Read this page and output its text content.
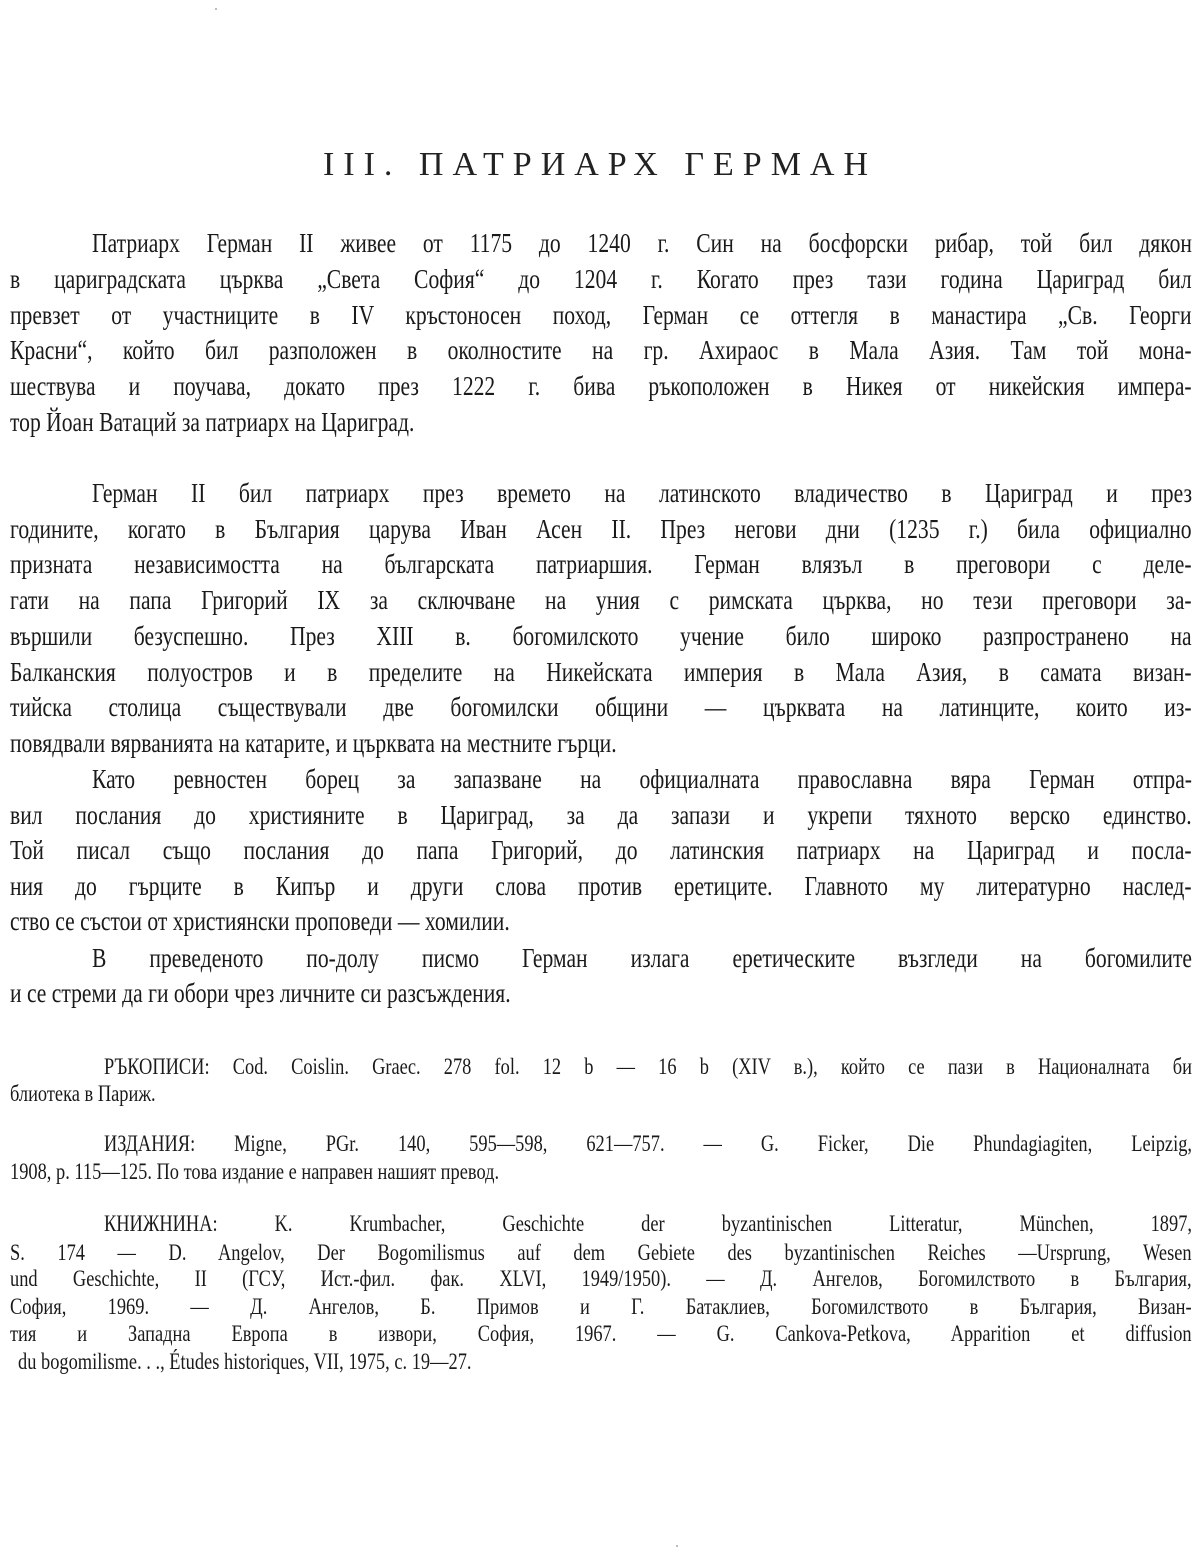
III. ПАТРИАРХ ГЕРМАН
Патриарх Герман II живее от 1175 до 1240 г. Син на босфорски рибар, той бил дякон
в цариградската църква „Света София“ до 1204 г. Когато през тази година Цариград бил
превзет от участниците в IV кръстоносен поход, Герман се оттегля в манастира „Св. Георги
Красни“, който бил разположен в околностите на гр. Ахираос в Мала Азия. Там той мона-
шествува и поучава, докато през 1222 г. бива ръкоположен в Никея от никейския импера-
тор Йоан Ватаций за патриарх на Цариград.
Герман II бил патриарх през времето на латинското владичество в Цариград и през
годините, когато в България царува Иван Асен II. През негови дни (1235 г.) била официално
призната независимостта на българската патриаршия. Герман влязъл в преговори с деле-
гати на папа Григорий IX за сключване на уния с римската църква, но тези преговори за-
вършили безуспешно. През XIII в. богомилското учение било широко разпространено на
Балканския полуостров и в пределите на Никейската империя в Мала Азия, в самата визан-
тийска столица съществували две богомилски общини — църквата на латинците, които из-
повядвали вярванията на катарите, и църквата на местните гърци.
Като ревностен борец за запазване на официалната православна вяра Герман отпра-
вил послания до християните в Цариград, за да запази и укрепи тяхното верско единство.
Той писал също послания до папа Григорий, до латинския патриарх на Цариград и посла-
ния до гърците в Кипър и други слова против еретиците. Главното му литературно наслед-
ство се състои от християнски проповеди — хомилии.
В преведеното по-долу писмо Герман излага еретическите възгледи на богомилите
и се стреми да ги обори чрез личните си разсъждения.
РЪКОПИСИ: Cod. Coislin. Graec. 278 fol. 12 b — 16 b (XIV в.), който се пази в Националната би
блиотека в Париж.
ИЗДАНИЯ: Migne, PGr. 140, 595—598, 621—757. — G. Ficker, Die Phundagiagiten, Leipzig,
1908, p. 115—125. По това издание е направен нашият превод.
КНИЖНИНА: K. Krumbacher, Geschichte der byzantinischen Litteratur, München, 1897,
S. 174 — D. Angelov, Der Bogomilismus auf dem Gebiete des byzantinischen Reiches —Ursprung, Wesen
und Geschichte, II (ГСУ, Ист.-фил. фак. XLVI, 1949/1950). — Д. Ангелов, Богомилството в България,
София, 1969. — Д. Ангелов, Б. Примов и Г. Батаклиев, Богомилството в България, Визан-
тия и Западна Европа в извори, София, 1967. — G. Cankova-Petkova, Apparition et diffusion
du bogomilisme. . ., Études historiques, VII, 1975, c. 19—27.
